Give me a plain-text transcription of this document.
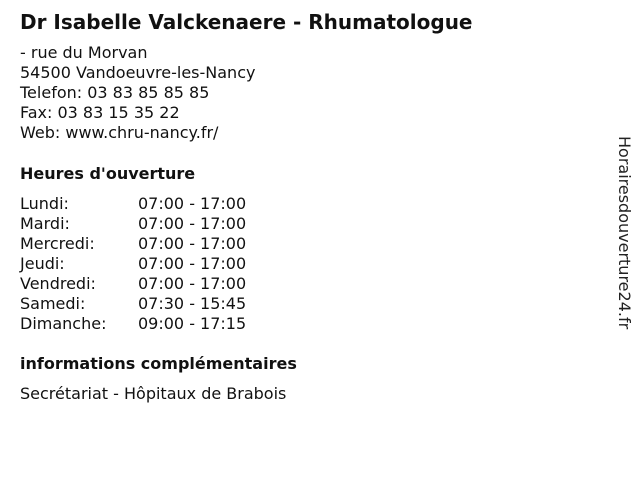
Dr Isabelle Valckenaere - Rhumatologue
- rue du Morvan
54500 Vandoeuvre-les-Nancy
Telefon: 03 83 85 85 85
Fax: 03 83 15 35 22
Web: www.chru-nancy.fr/
Heures d'ouverture
Lundi:	07:00 - 17:00
Mardi:	07:00 - 17:00
Mercredi:	07:00 - 17:00
Jeudi:	07:00 - 17:00
Vendredi:	07:00 - 17:00
Samedi:	07:30 - 15:45
Dimanche:	09:00 - 17:15
informations complémentaires
Secrétariat - Hôpitaux de Brabois
Horairesdouverture24.fr
